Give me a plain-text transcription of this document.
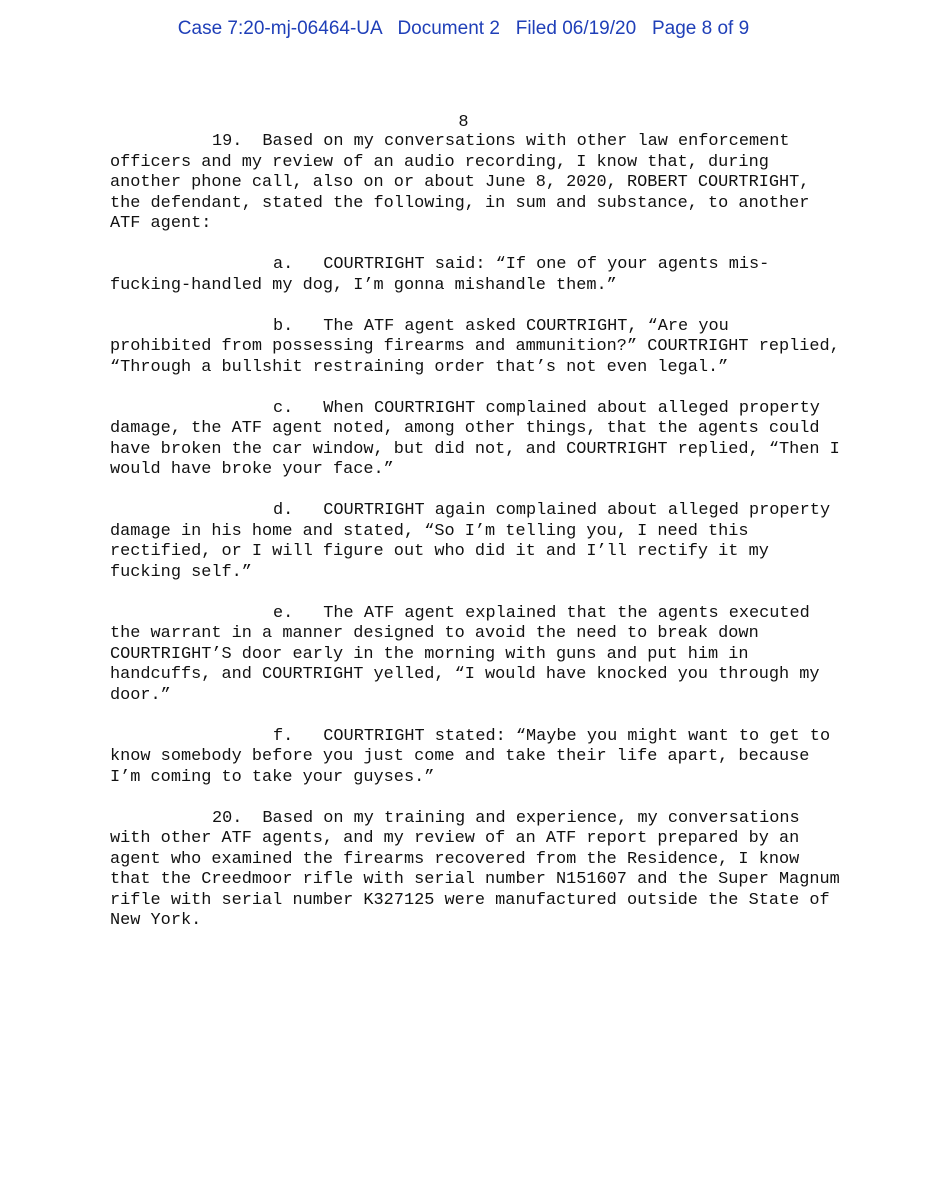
Case 7:20-mj-06464-UA   Document 2   Filed 06/19/20   Page 8 of 9
8

19. Based on my conversations with other law enforcement officers and my review of an audio recording, I know that, during another phone call, also on or about June 8, 2020, ROBERT COURTRIGHT, the defendant, stated the following, in sum and substance, to another ATF agent:

a. COURTRIGHT said: “If one of your agents mis-fucking-handled my dog, I’m gonna mishandle them.”

b. The ATF agent asked COURTRIGHT, “Are you prohibited from possessing firearms and ammunition?” COURTRIGHT replied, “Through a bullshit restraining order that’s not even legal.”

c. When COURTRIGHT complained about alleged property damage, the ATF agent noted, among other things, that the agents could have broken the car window, but did not, and COURTRIGHT replied, “Then I would have broke your face.”

d. COURTRIGHT again complained about alleged property damage in his home and stated, “So I’m telling you, I need this rectified, or I will figure out who did it and I’ll rectify it my fucking self.”

e. The ATF agent explained that the agents executed the warrant in a manner designed to avoid the need to break down COURTRIGHT’S door early in the morning with guns and put him in handcuffs, and COURTRIGHT yelled, “I would have knocked you through my door.”

f. COURTRIGHT stated: “Maybe you might want to get to know somebody before you just come and take their life apart, because I’m coming to take your guyses.”

20. Based on my training and experience, my conversations with other ATF agents, and my review of an ATF report prepared by an agent who examined the firearms recovered from the Residence, I know that the Creedmoor rifle with serial number N151607 and the Super Magnum rifle with serial number K327125 were manufactured outside the State of New York.
